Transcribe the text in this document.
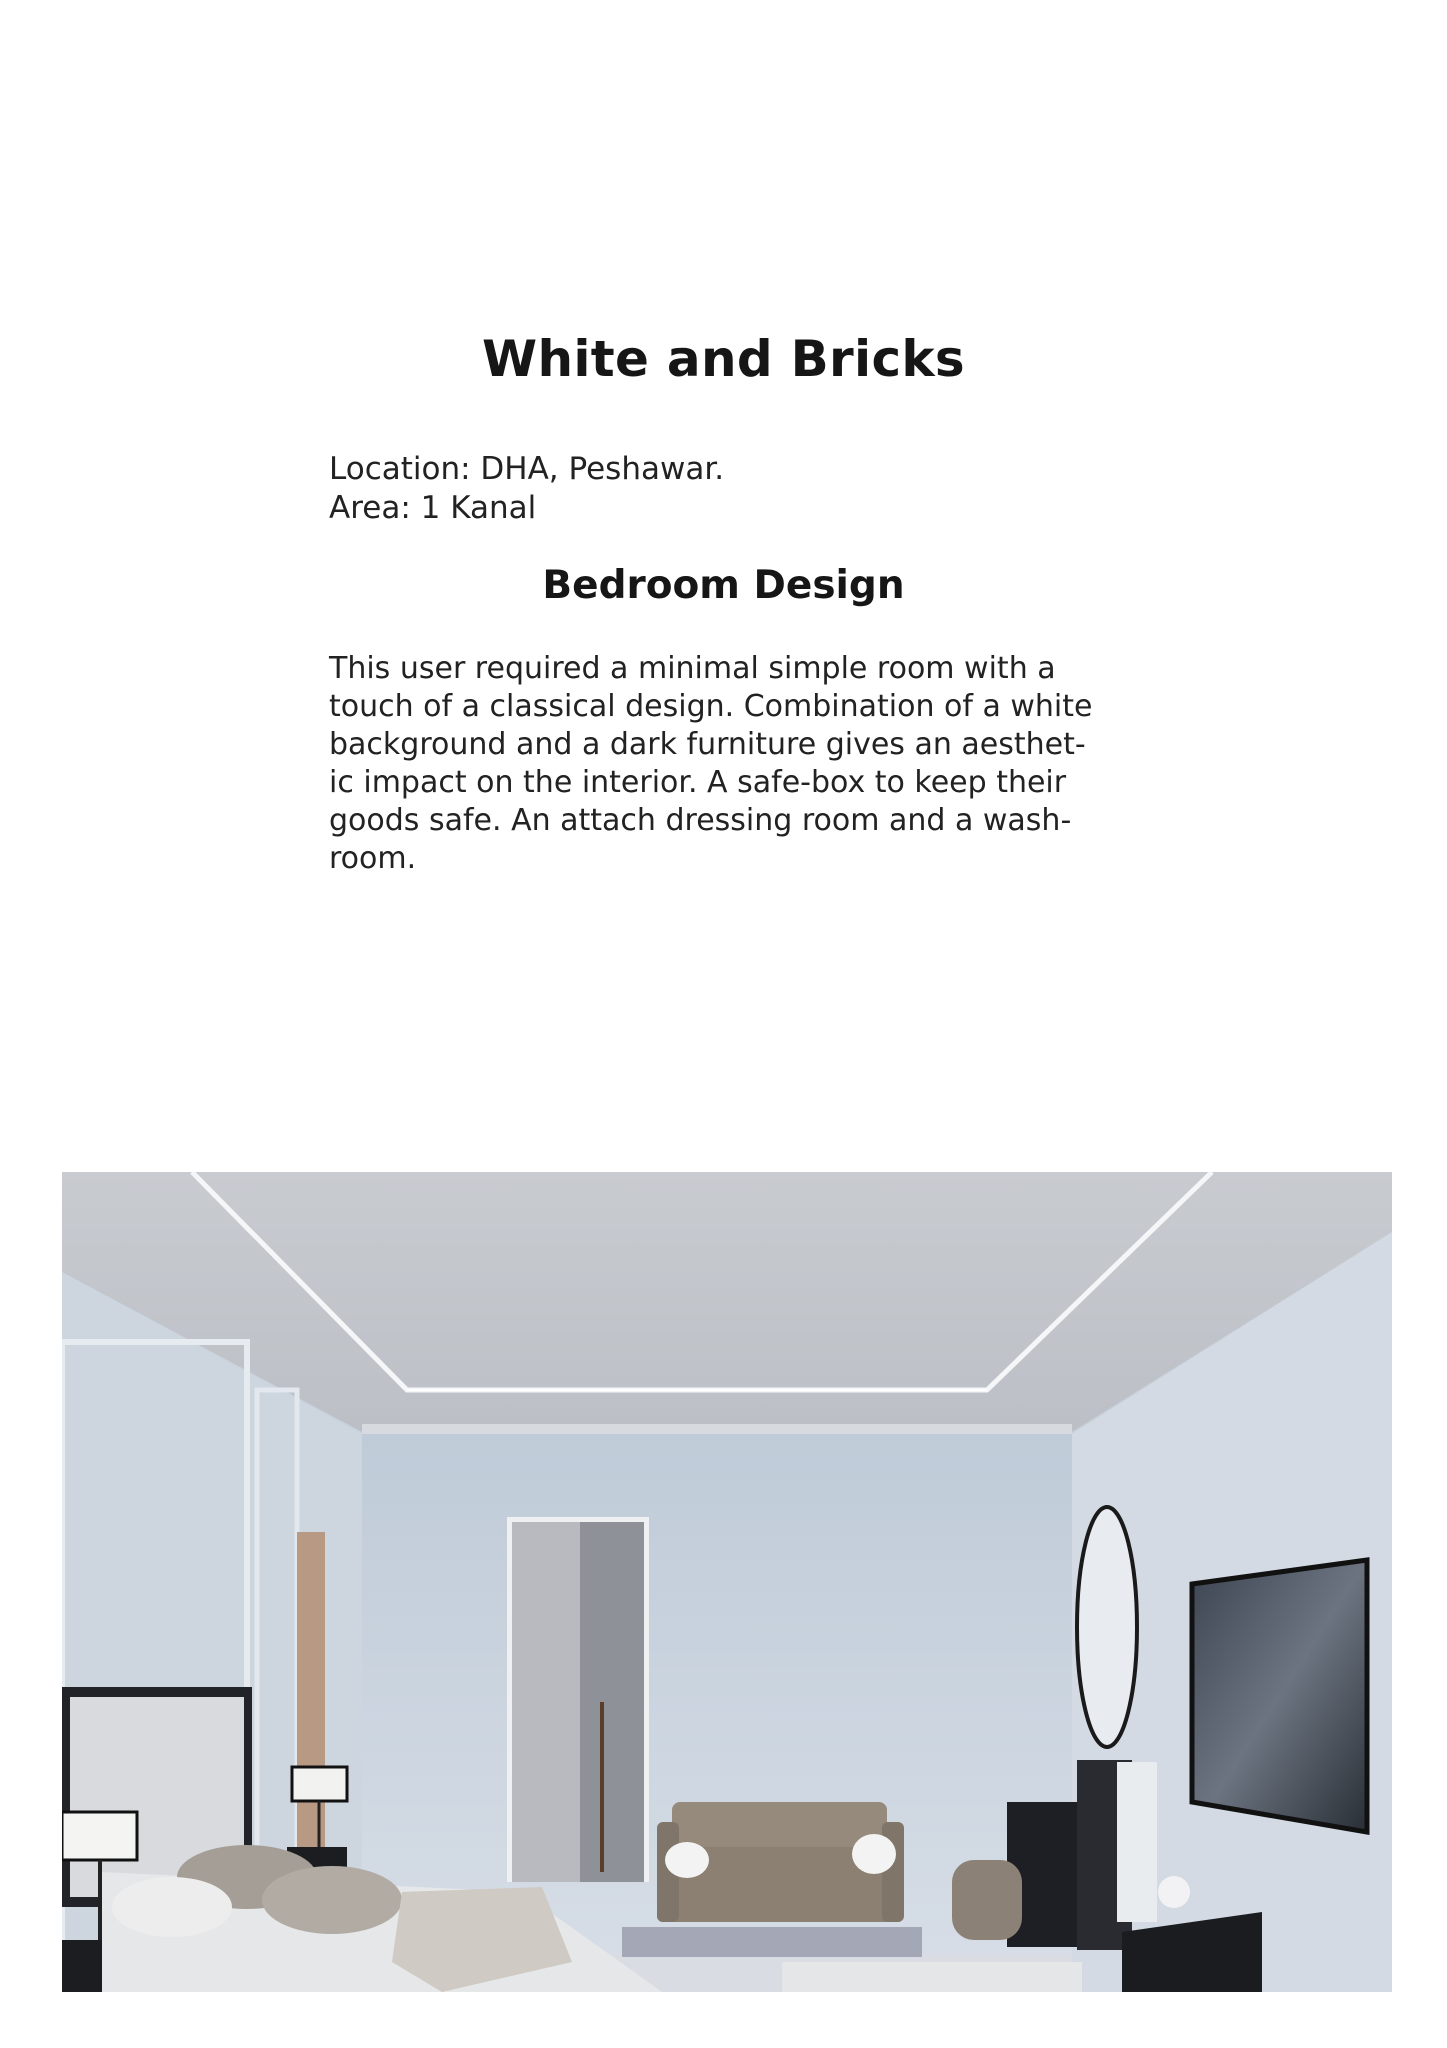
White and Bricks
Location: DHA, Peshawar.
Area: 1 Kanal
Bedroom Design

This user required a minimal simple room with a
touch of a classical design. Combination of a white
background and a dark furniture gives an aesthet-
ic impact on the interior. A safe-box to keep their
goods safe. An attach dressing room and a wash-
room.
